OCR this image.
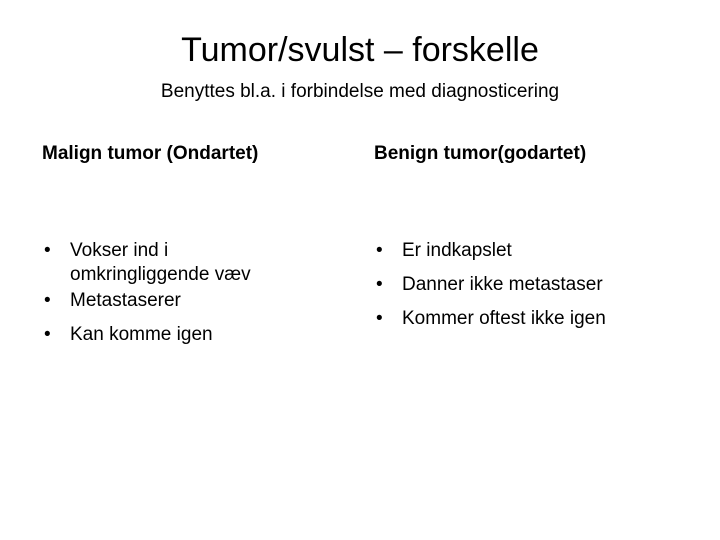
Tumor/svulst – forskelle

Benyttes bl.a. i forbindelse med diagnosticering

Malign tumor (Ondartet)

•	Vokser ind i omkringliggende væv
•	Metastaserer
•	Kan komme igen

Benign tumor(godartet)

•	Er indkapslet
•	Danner ikke metastaser
•	Kommer oftest ikke igen
